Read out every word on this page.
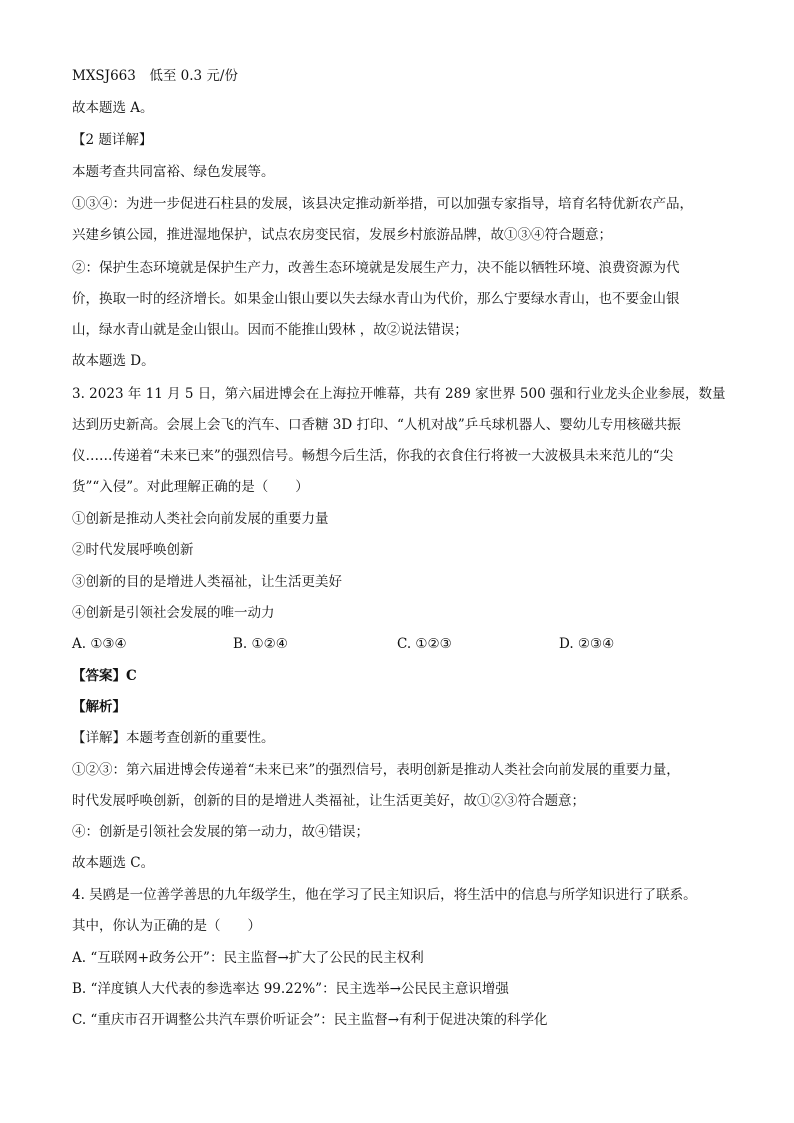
MXSJ663　低至 0.3 元/份
故本题选 A。
【2 题详解】
本题考查共同富裕、绿色发展等。
①③④：为进一步促进石柱县的发展，该县决定推动新举措，可以加强专家指导，培育名特优新农产品，
兴建乡镇公园，推进湿地保护，试点农房变民宿，发展乡村旅游品牌，故①③④符合题意；
②：保护生态环境就是保护生产力，改善生态环境就是发展生产力，决不能以牺牲环境、浪费资源为代
价，换取一时的经济增长。如果金山银山要以失去绿水青山为代价，那么宁要绿水青山，也不要金山银
山，绿水青山就是金山银山。因而不能推山毁林 ，故②说法错误；
故本题选 D。
3. 2023 年 11 月 5 日，第六届进博会在上海拉开帷幕，共有 289 家世界 500 强和行业龙头企业参展，数量
达到历史新高。会展上会飞的汽车、口香糖 3D 打印、“人机对战”乒乓球机器人、婴幼儿专用核磁共振
仪……传递着“未来已来”的强烈信号。畅想今后生活，你我的衣食住行将被一大波极具未来范儿的“尖
货”“入侵”。对此理解正确的是（　　）
①创新是推动人类社会向前发展的重要力量
②时代发展呼唤创新
③创新的目的是增进人类福祉，让生活更美好
④创新是引领社会发展的唯一动力
A. ①③④	B. ①②④	C. ①②③	D. ②③④
【答案】C
【解析】
【详解】本题考查创新的重要性。
①②③：第六届进博会传递着“未来已来”的强烈信号，表明创新是推动人类社会向前发展的重要力量，
时代发展呼唤创新，创新的目的是增进人类福祉，让生活更美好，故①②③符合题意；
④：创新是引领社会发展的第一动力，故④错误；
故本题选 C。
4. 吴鸥是一位善学善思的九年级学生，他在学习了民主知识后，将生活中的信息与所学知识进行了联系。
其中，你认为正确的是（　　）
A. “互联网+政务公开”：民主监督→扩大了公民的民主权利
B. “洋度镇人大代表的参选率达 99.22%”：民主选举→公民民主意识增强
C. “重庆市召开调整公共汽车票价听证会”：民主监督→有利于促进决策的科学化
